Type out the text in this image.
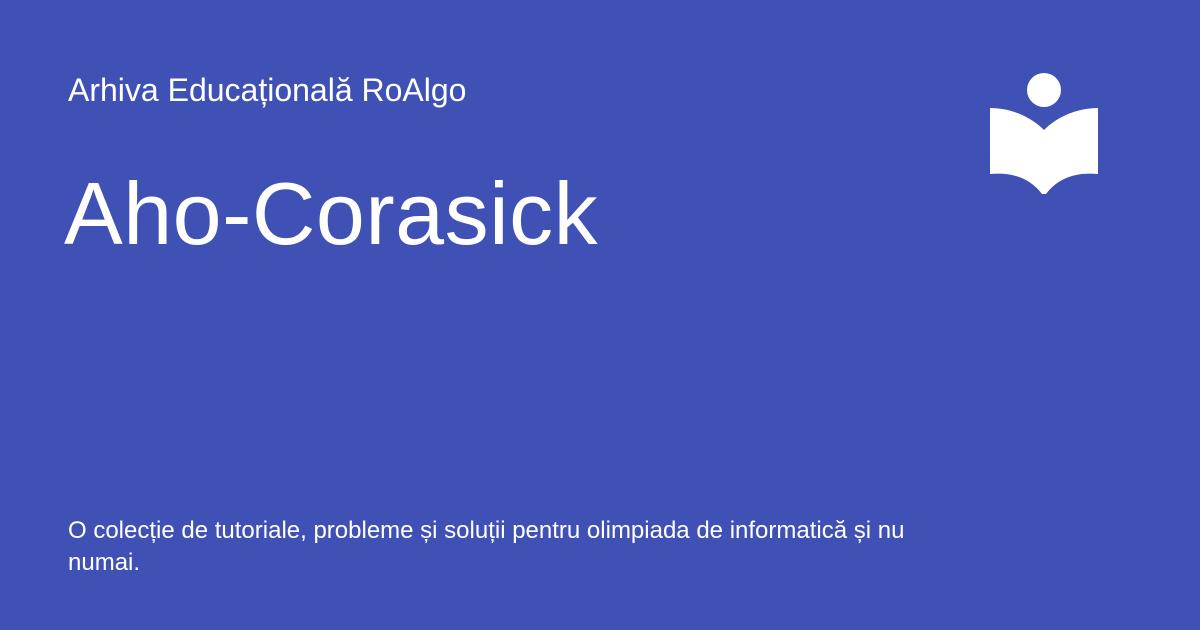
Arhiva Educațională RoAlgo
Aho-Corasick

O colecție de tutoriale, probleme și soluții pentru olimpiada de informatică și nu numai.
